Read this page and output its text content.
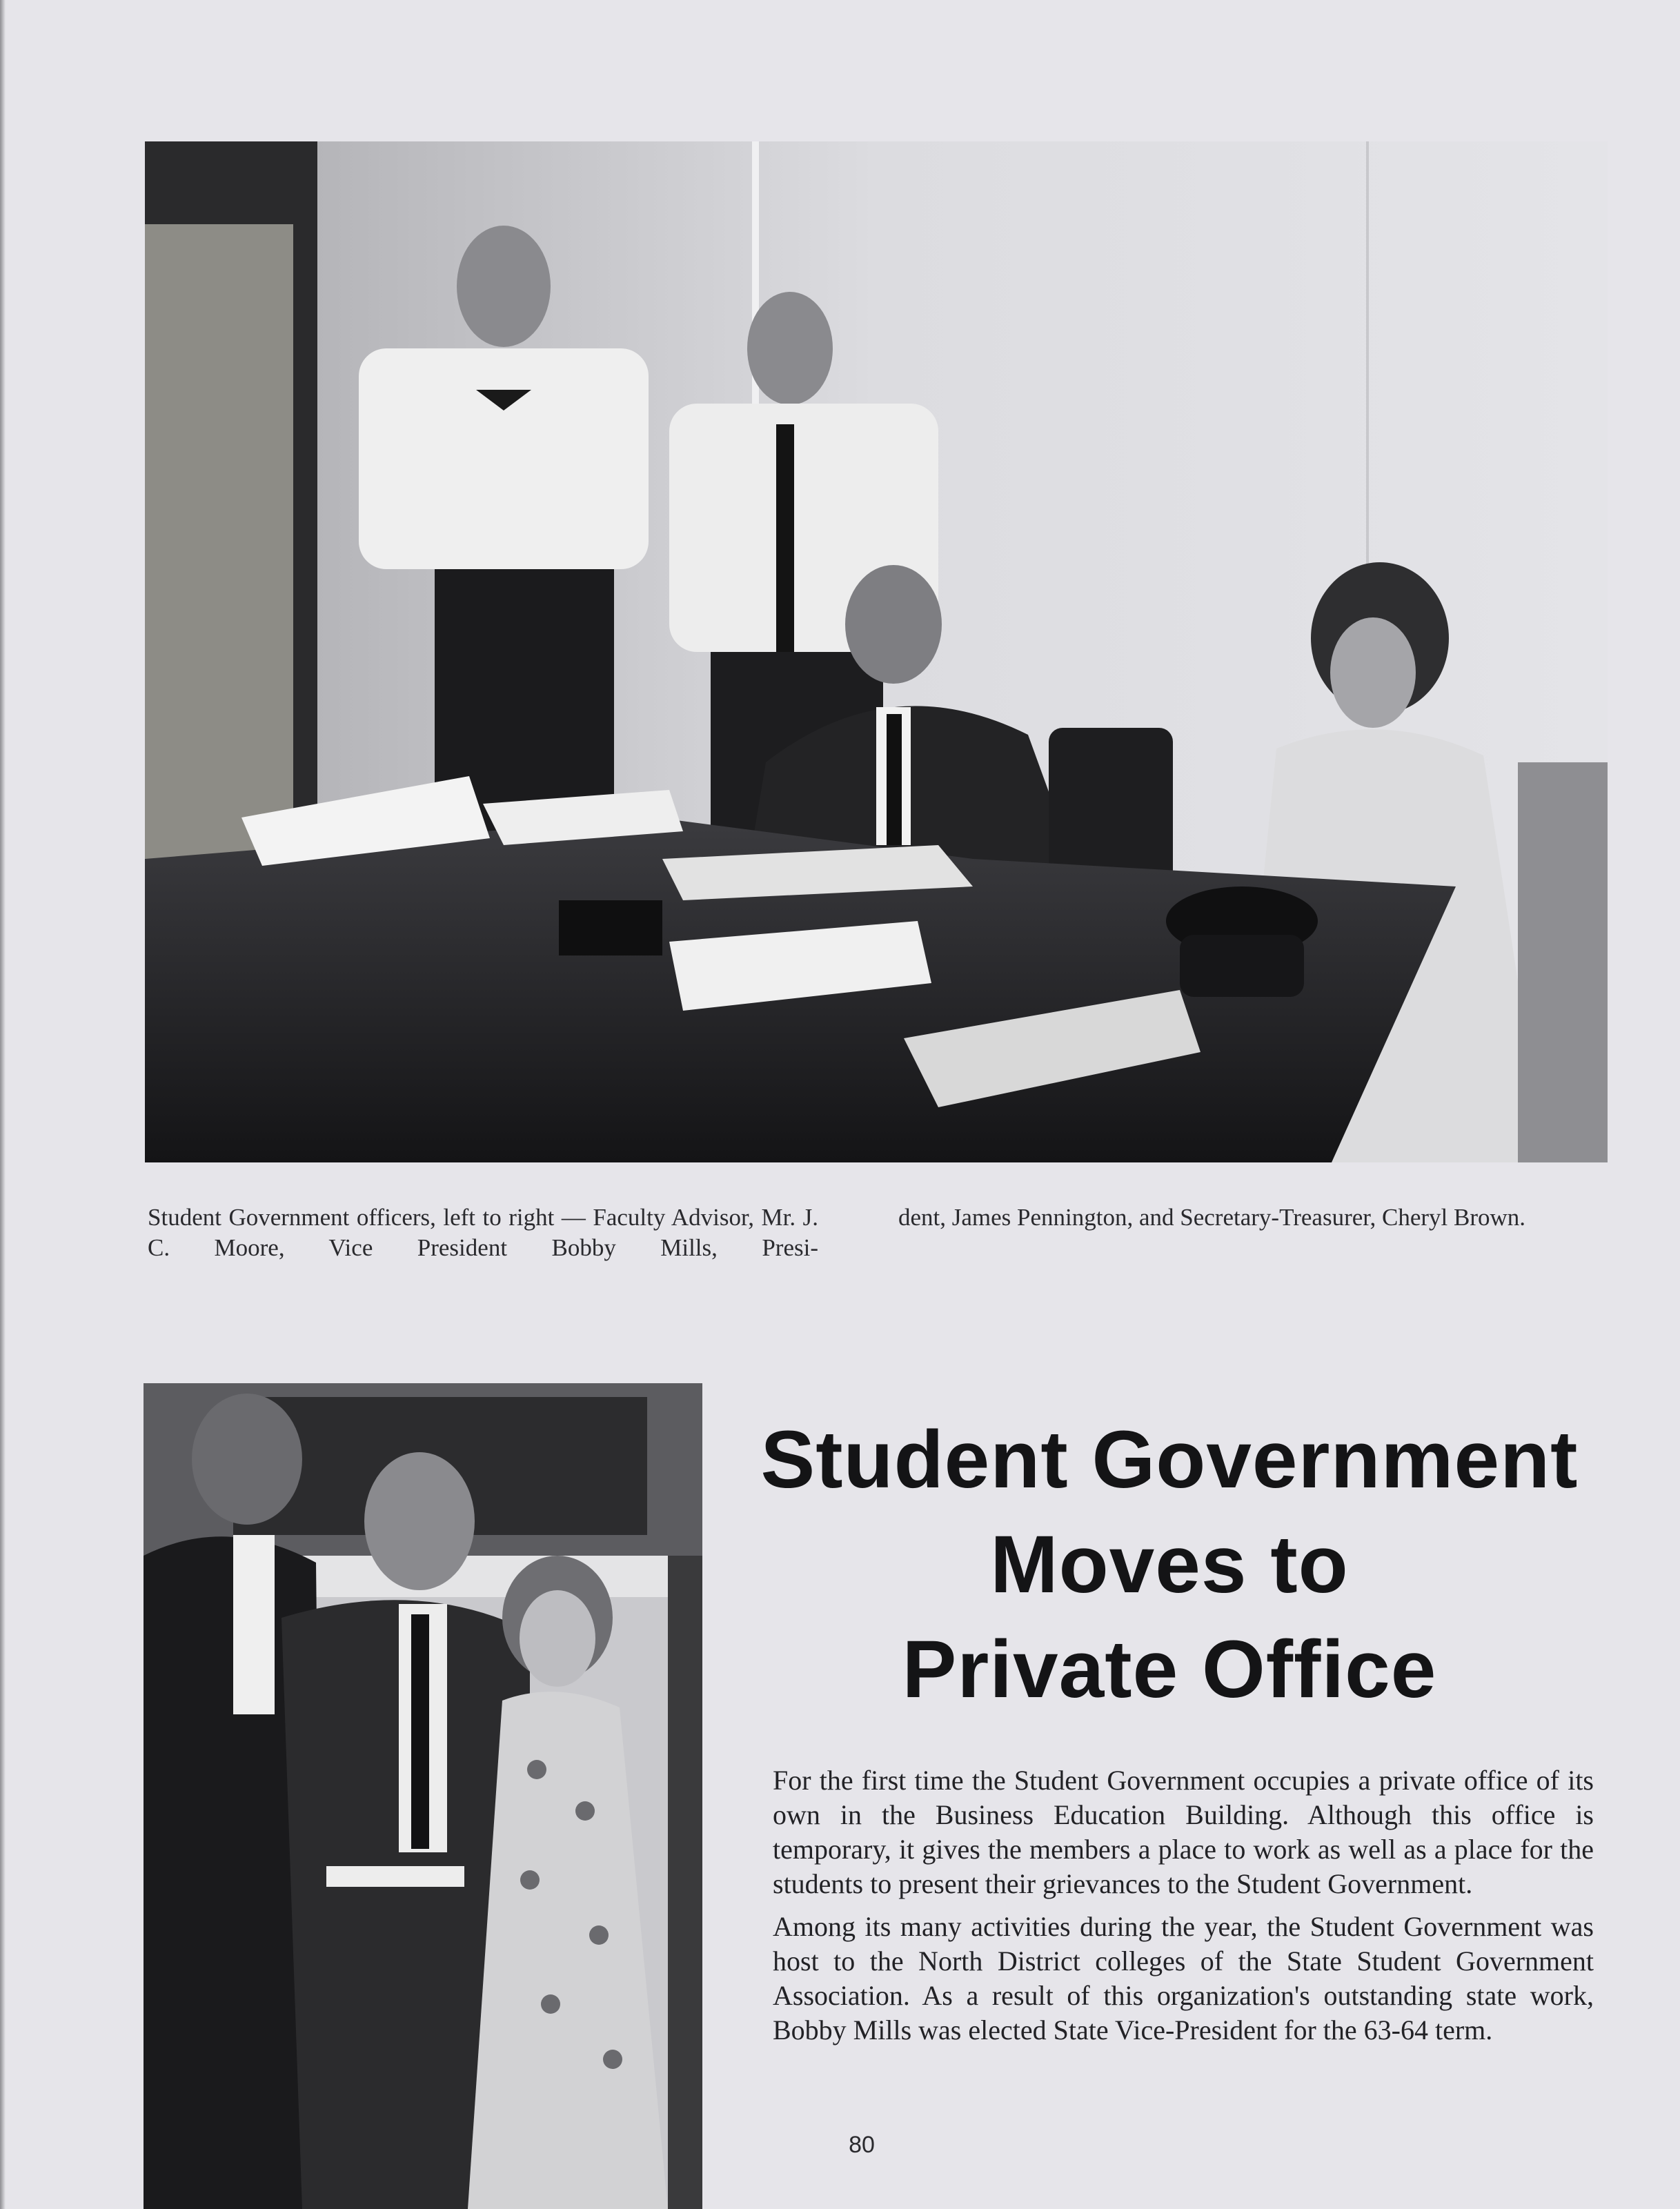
Student Government officers, left to right — Faculty Advisor, Mr. J. C. Moore, Vice President Bobby Mills, Presi-

dent, James Pennington, and Secretary-Treasurer, Cheryl Brown.

Student Government
Moves to
Private Office

For the first time the Student Government occupies a private office of its own in the Business Education Building. Although this office is temporary, it gives the members a place to work as well as a place for the students to present their grievances to the Student Government.

Among its many activities during the year, the Student Government was host to the North District colleges of the State Student Government Association. As a result of this organization's outstanding state work, Bobby Mills was elected State Vice-President for the 63-64 term.

80
